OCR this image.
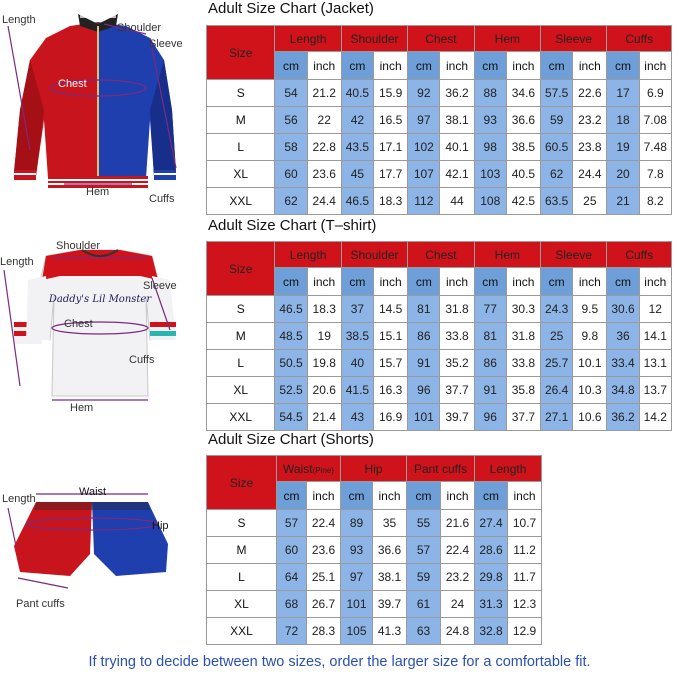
Length
Shoulder
Sleeve
Chest
Hem
Cuffs
Adult Size Chart (Jacket)
Size	Length		Shoulder		Chest		Hem		Sleeve		Cuffs	
	cm	inch	cm	inch	cm	inch	cm	inch	cm	inch	cm	inch
S	54	21.2	40.5	15.9	92	36.2	88	34.6	57.5	22.6	17	6.9
M	56	22	42	16.5	97	38.1	93	36.6	59	23.2	18	7.08
L	58	22.8	43.5	17.1	102	40.1	98	38.5	60.5	23.8	19	7.48
XL	60	23.6	45	17.7	107	42.1	103	40.5	62	24.4	20	7.8
XXL	62	24.4	46.5	18.3	112	44	108	42.5	63.5	25	21	8.2
Daddy's Lil Monster
Shoulder
Length
Sleeve
Chest
Cuffs
Hem
Adult Size Chart (T–shirt)
Size	Length		Shoulder		Chest		Hem		Sleeve		Cuffs	
	cm	inch	cm	inch	cm	inch	cm	inch	cm	inch	cm	inch
S	46.5	18.3	37	14.5	81	31.8	77	30.3	24.3	9.5	30.6	12
M	48.5	19	38.5	15.1	86	33.8	81	31.8	25	9.8	36	14.1
L	50.5	19.8	40	15.7	91	35.2	86	33.8	25.7	10.1	33.4	13.1
XL	52.5	20.6	41.5	16.3	96	37.7	91	35.8	26.4	10.3	34.8	13.7
XXL	54.5	21.4	43	16.9	101	39.7	96	37.7	27.1	10.6	36.2	14.2
Waist
Length
Hip
Pant cuffs
Adult Size Chart (Shorts)
Size	Waist(Pine)		Hip		Pant cuffs		Length	
	cm	inch	cm	inch	cm	inch	cm	inch
S	57	22.4	89	35	55	21.6	27.4	10.7
M	60	23.6	93	36.6	57	22.4	28.6	11.2
L	64	25.1	97	38.1	59	23.2	29.8	11.7
XL	68	26.7	101	39.7	61	24	31.3	12.3
XXL	72	28.3	105	41.3	63	24.8	32.8	12.9
If trying to decide between two sizes, order the larger size for a comfortable fit.
